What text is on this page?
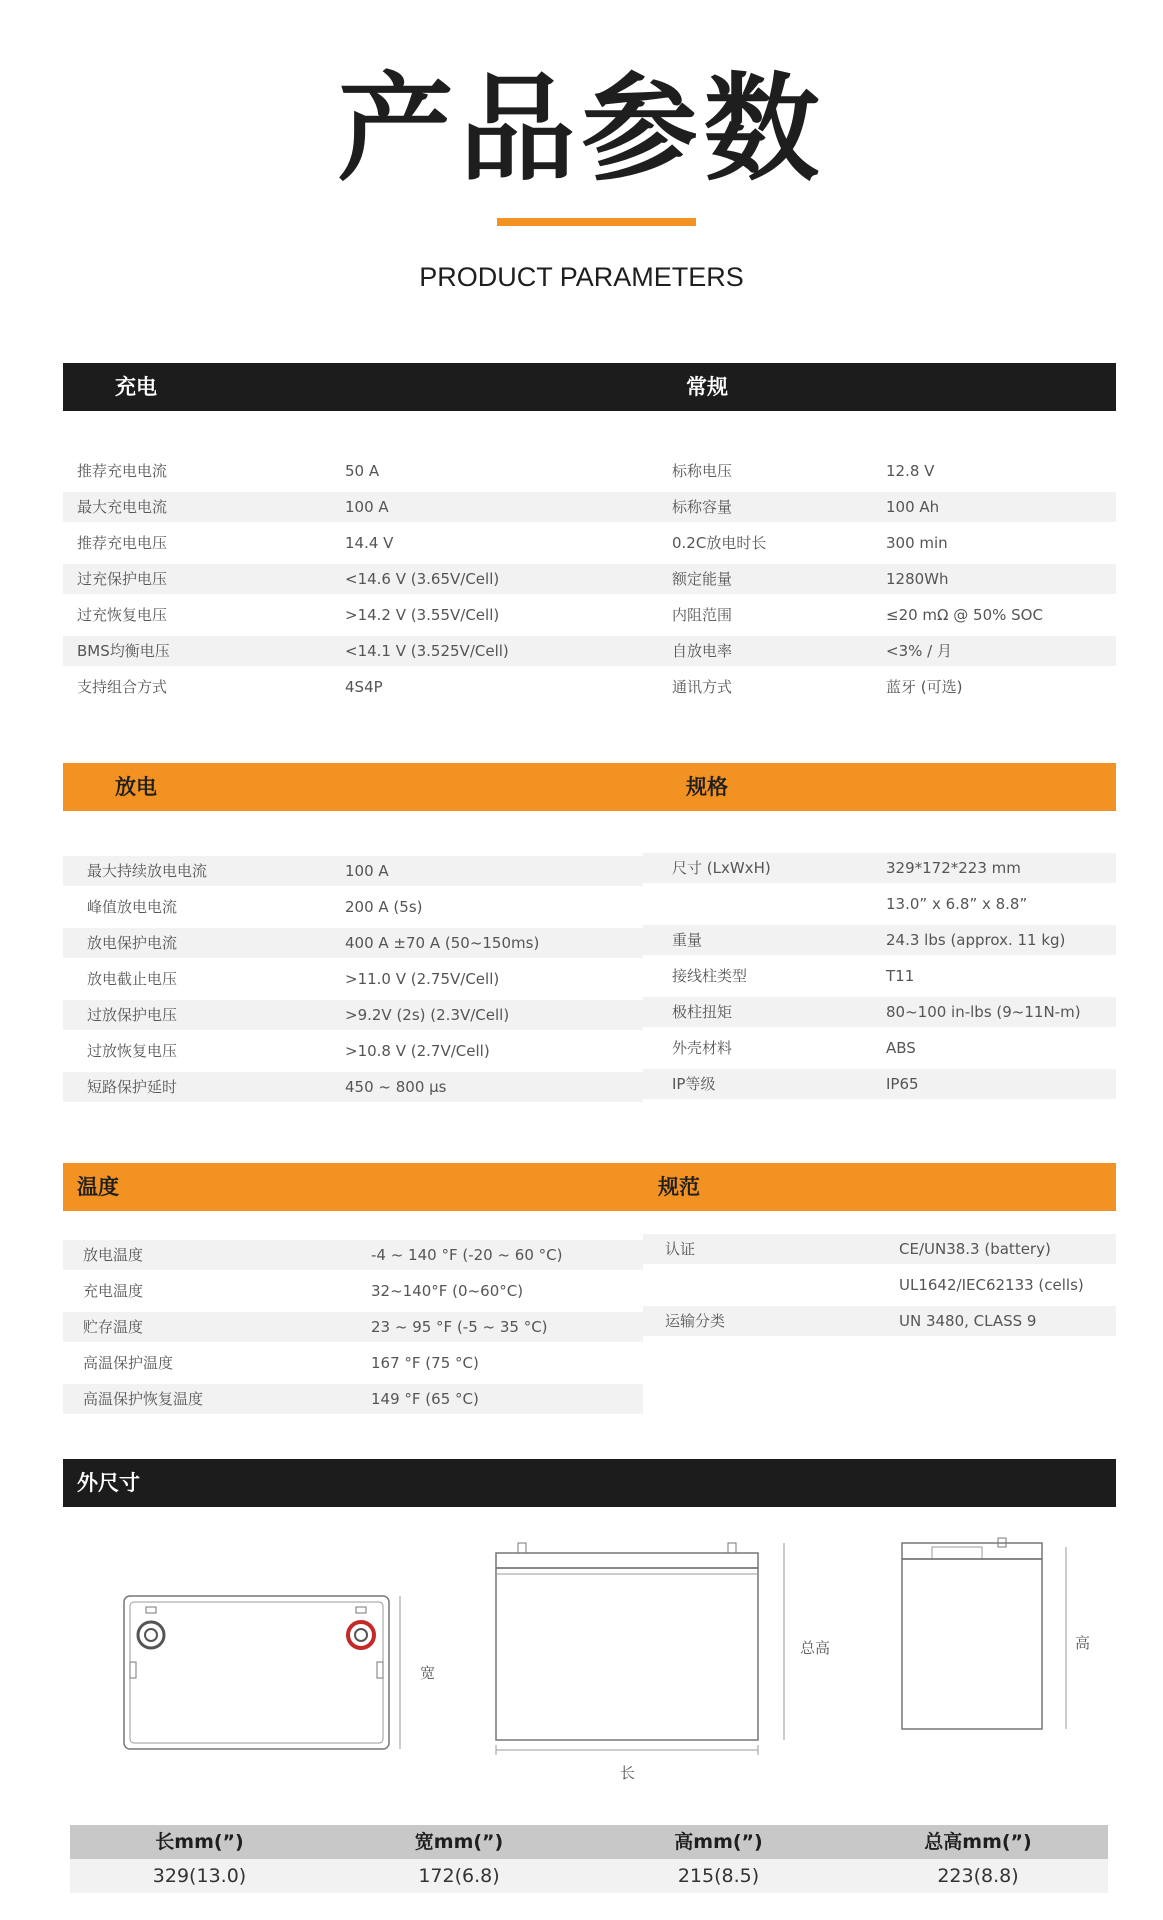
产品参数
PRODUCT PARAMETERS
充电	常规
推荐充电电流	50 A
最大充电电流	100 A
推荐充电电压	14.4 V
过充保护电压	<14.6 V (3.65V/Cell)
过充恢复电压	>14.2 V (3.55V/Cell)
BMS均衡电压	<14.1 V (3.525V/Cell)
支持组合方式	4S4P
标称电压	12.8 V
标称容量	100 Ah
0.2C放电时长	300 min
额定能量	1280Wh
内阻范围	≤20 mΩ @ 50% SOC
自放电率	<3% / 月
通讯方式	蓝牙 (可选)
放电	规格
最大持续放电电流	100 A
峰值放电电流	200 A (5s)
放电保护电流	400 A ±70 A (50~150ms)
放电截止电压	>11.0 V (2.75V/Cell)
过放保护电压	>9.2V (2s) (2.3V/Cell)
过放恢复电压	>10.8 V (2.7V/Cell)
短路保护延时	450 ~ 800 µs
尺寸 (LxWxH)	329*172*223 mm
13.0” x 6.8” x 8.8”
重量	24.3 lbs (approx. 11 kg)
接线柱类型	T11
极柱扭矩	80~100 in-lbs (9~11N-m)
外壳材料	ABS
IP等级	IP65
温度	规范
放电温度	-4 ~ 140 °F (-20 ~ 60 °C)
充电温度	32~140°F (0~60°C)
贮存温度	23 ~ 95 °F (-5 ~ 35 °C)
高温保护温度	167 °F (75 °C)
高温保护恢复温度	149 °F (65 °C)
认证	CE/UN38.3 (battery)
UL1642/IEC62133 (cells)
运输分类	UN 3480, CLASS 9
外尺寸
宽
长
总高	高
长mm(”)	宽mm(”)	高mm(”)	总高mm(”)
329(13.0)	172(6.8)	215(8.5)	223(8.8)
